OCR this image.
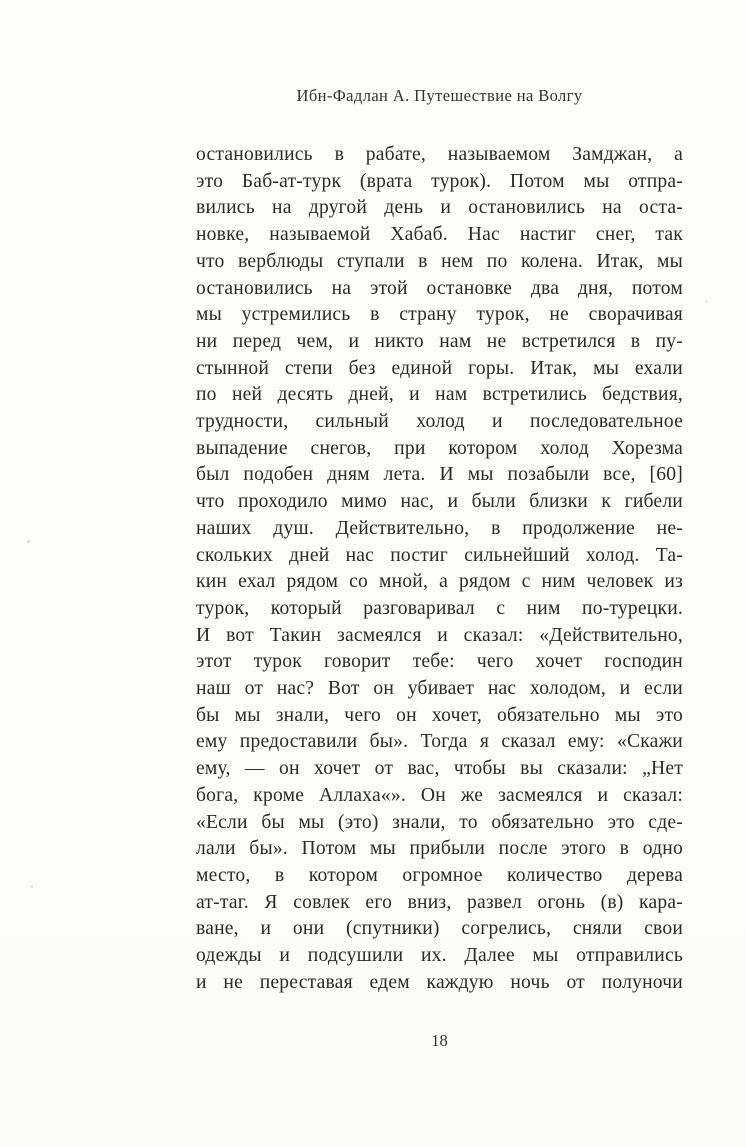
Ибн-Фадлан А. Путешествие на Волгу
остановились в рабате, называемом Замджан, а
это Баб-ат-турк (врата турок). Потом мы отпра-
вились на другой день и остановились на оста-
новке, называемой Хабаб. Нас настиг снег, так
что верблюды ступали в нем по колена. Итак, мы
остановились на этой остановке два дня, потом
мы устремились в страну турок, не сворачивая
ни перед чем, и никто нам не встретился в пу-
стынной степи без единой горы. Итак, мы ехали
по ней десять дней, и нам встретились бедствия,
трудности, сильный холод и последовательное
выпадение снегов, при котором холод Хорезма
был подобен дням лета. И мы позабыли все, [60]
что проходило мимо нас, и были близки к гибели
наших душ. Действительно, в продолжение не-
скольких дней нас постиг сильнейший холод. Та-
кин ехал рядом со мной, а рядом с ним человек из
турок, который разговаривал с ним по-турецки.
И вот Такин засмеялся и сказал: «Действительно,
этот турок говорит тебе: чего хочет господин
наш от нас? Вот он убивает нас холодом, и если
бы мы знали, чего он хочет, обязательно мы это
ему предоставили бы». Тогда я сказал ему: «Скажи
ему, — он хочет от вас, чтобы вы сказали: „Нет
бога, кроме Аллаха«». Он же засмеялся и сказал:
«Если бы мы (это) знали, то обязательно это сде-
лали бы». Потом мы прибыли после этого в одно
место, в котором огромное количество дерева
ат-таг. Я совлек его вниз, развел огонь (в) кара-
ване, и они (спутники) согрелись, сняли свои
одежды и подсушили их. Далее мы отправились
и не переставая едем каждую ночь от полуночи
18
